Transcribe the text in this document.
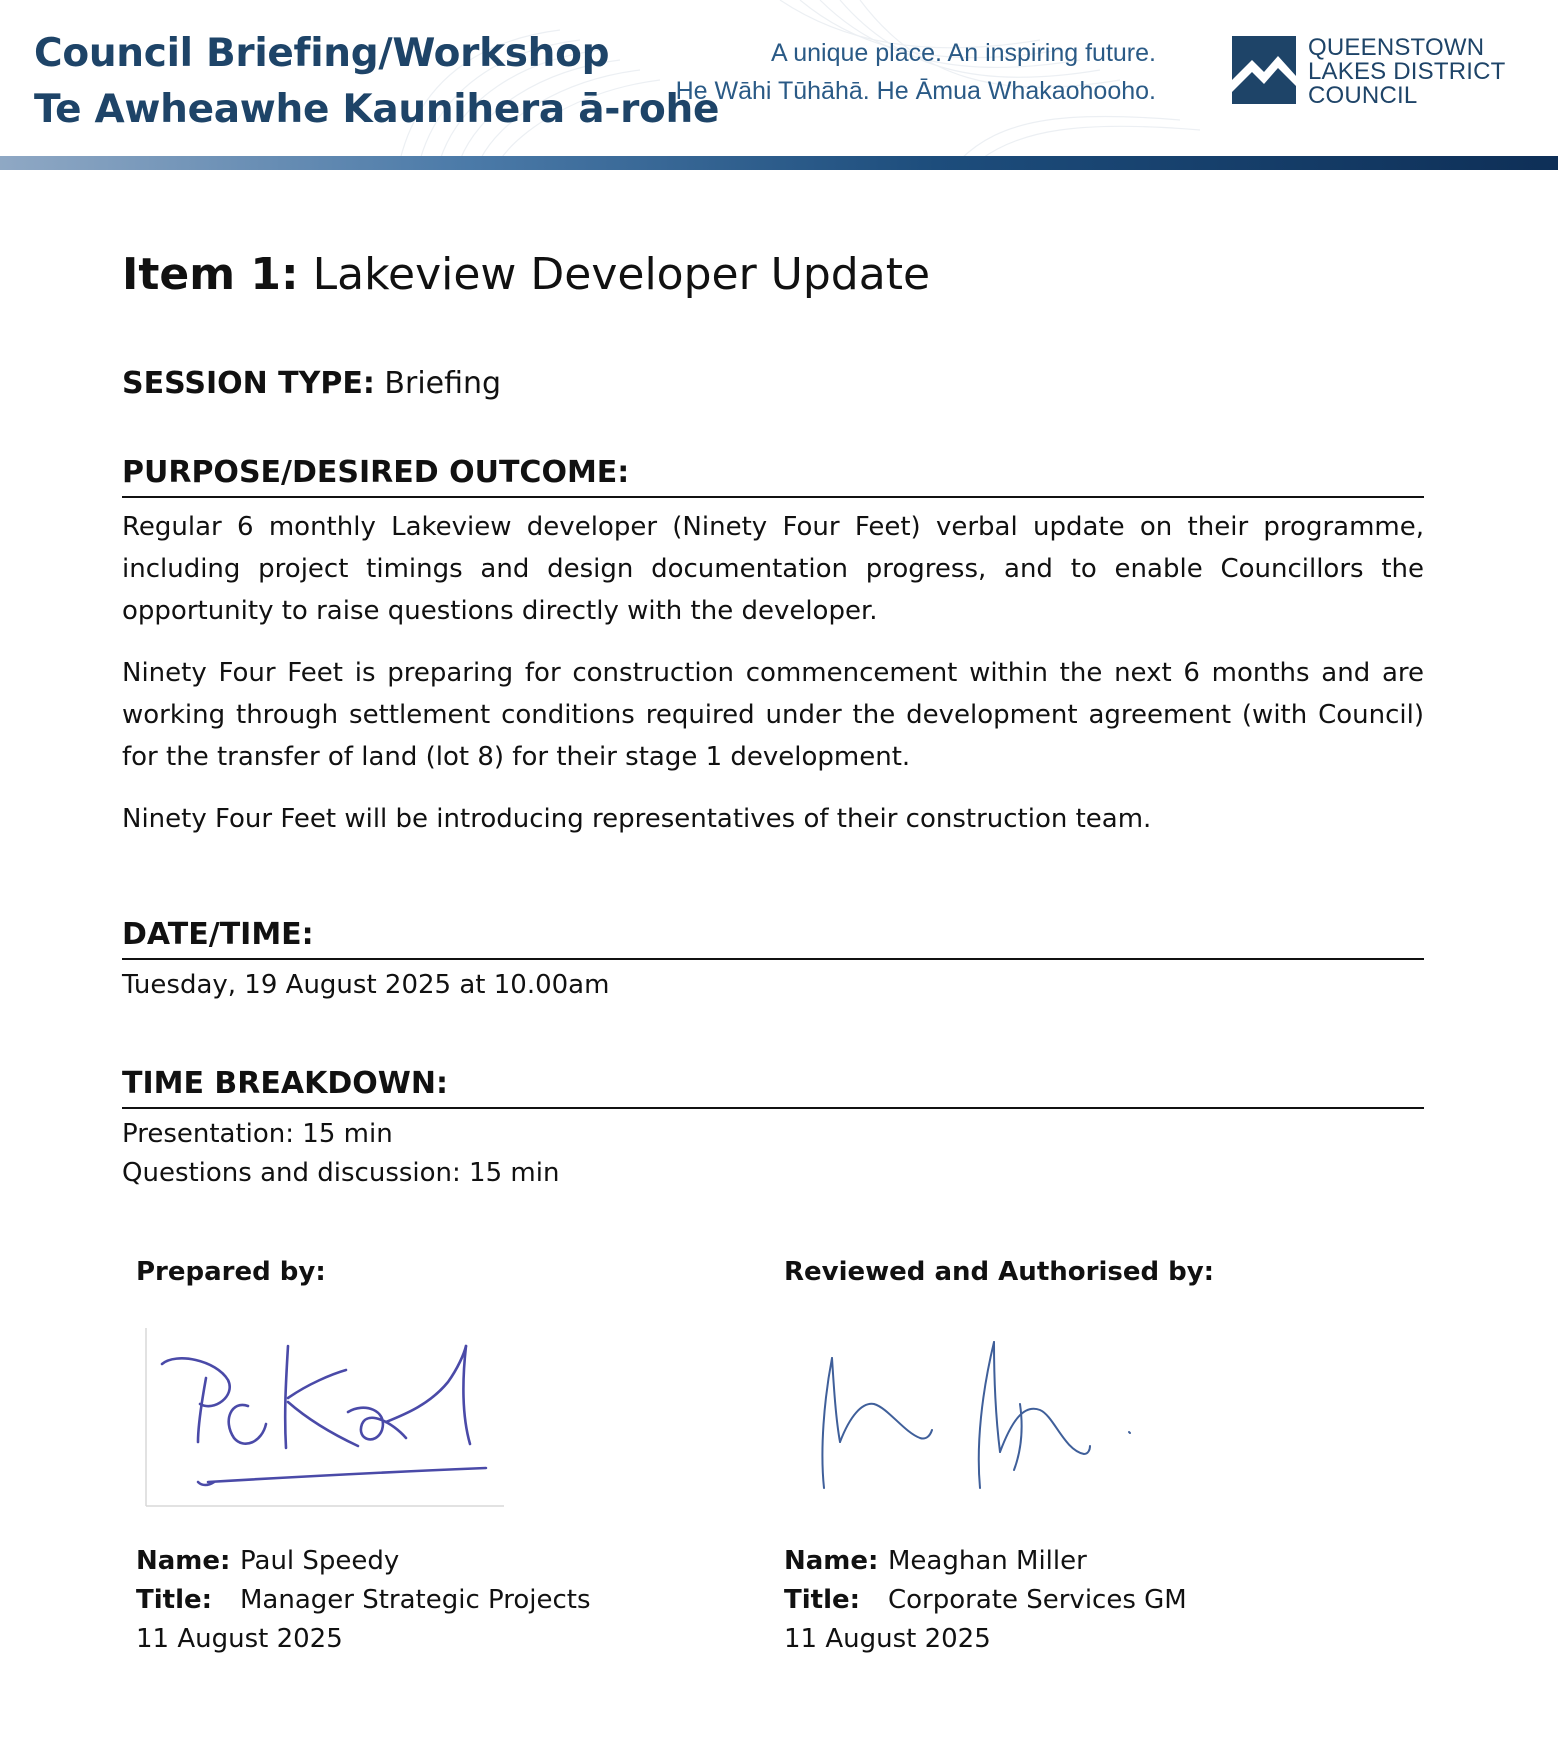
Council Briefing/Workshop
Te Awheawhe Kaunihera ā-rohe
A unique place. An inspiring future.
He Wāhi Tūhāhā. He Āmua Whakaohooho.
QUEENSTOWN
LAKES DISTRICT
COUNCIL
Item 1: Lakeview Developer Update
SESSION TYPE: Briefing
PURPOSE/DESIRED OUTCOME:

Regular 6 monthly Lakeview developer (Ninety Four Feet) verbal update on their programme, including project timings and design documentation progress, and to enable Councillors the opportunity to raise questions directly with the developer.

Ninety Four Feet is preparing for construction commencement within the next 6 months and are working through settlement conditions required under the development agreement (with Council) for the transfer of land (lot 8) for their stage 1 development.

Ninety Four Feet will be introducing representatives of their construction team.

DATE/TIME:
Tuesday, 19 August 2025 at 10.00am
TIME BREAKDOWN:
Presentation: 15 min
Questions and discussion: 15 min
Prepared by:
Name: Paul Speedy
Title: Manager Strategic Projects
11 August 2025
Reviewed and Authorised by:
Name: Meaghan Miller
Title: Corporate Services GM
11 August 2025
